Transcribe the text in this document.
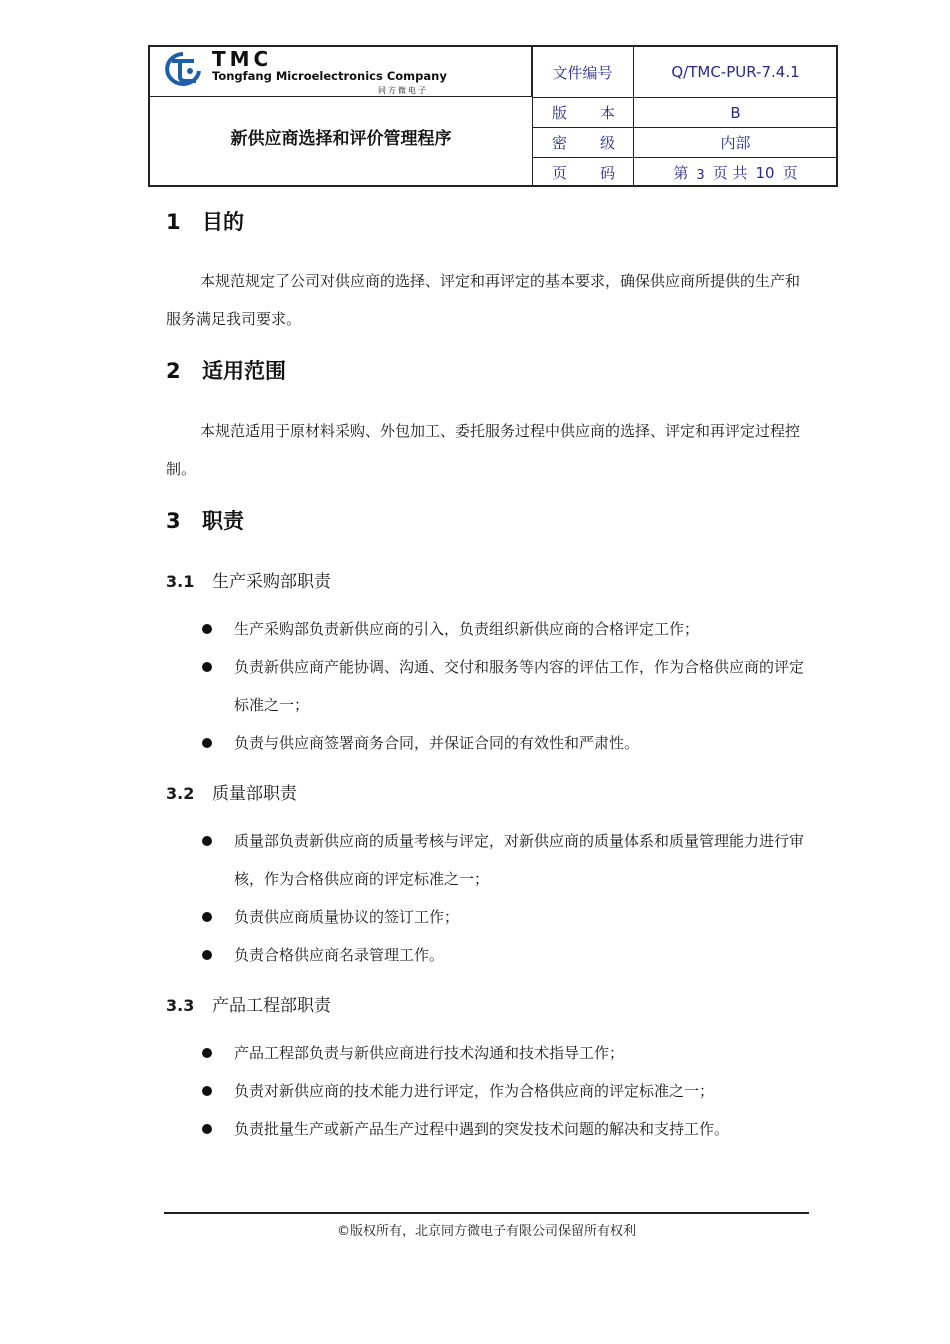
TMC
Tongfang Microelectronics Company
同方微电子
新供应商选择和评价管理程序
文件编号	Q/TMC-PUR-7.4.1
版 本	B
密 级	内部
页 码	第 3 页 共 10 页
1 目的
本规范规定了公司对供应商的选择、评定和再评定的基本要求，确保供应商所提供的生产和服务满足我司要求。
2 适用范围
本规范适用于原材料采购、外包加工、委托服务过程中供应商的选择、评定和再评定过程控制。
3 职责
3.1 生产采购部职责
生产采购部负责新供应商的引入，负责组织新供应商的合格评定工作；
负责新供应商产能协调、沟通、交付和服务等内容的评估工作，作为合格供应商的评定标准之一；
负责与供应商签署商务合同，并保证合同的有效性和严肃性。
3.2 质量部职责
质量部负责新供应商的质量考核与评定，对新供应商的质量体系和质量管理能力进行审核，作为合格供应商的评定标准之一；
负责供应商质量协议的签订工作；
负责合格供应商名录管理工作。
3.3 产品工程部职责
产品工程部负责与新供应商进行技术沟通和技术指导工作；
负责对新供应商的技术能力进行评定，作为合格供应商的评定标准之一；
负责批量生产或新产品生产过程中遇到的突发技术问题的解决和支持工作。
©版权所有，北京同方微电子有限公司保留所有权利
